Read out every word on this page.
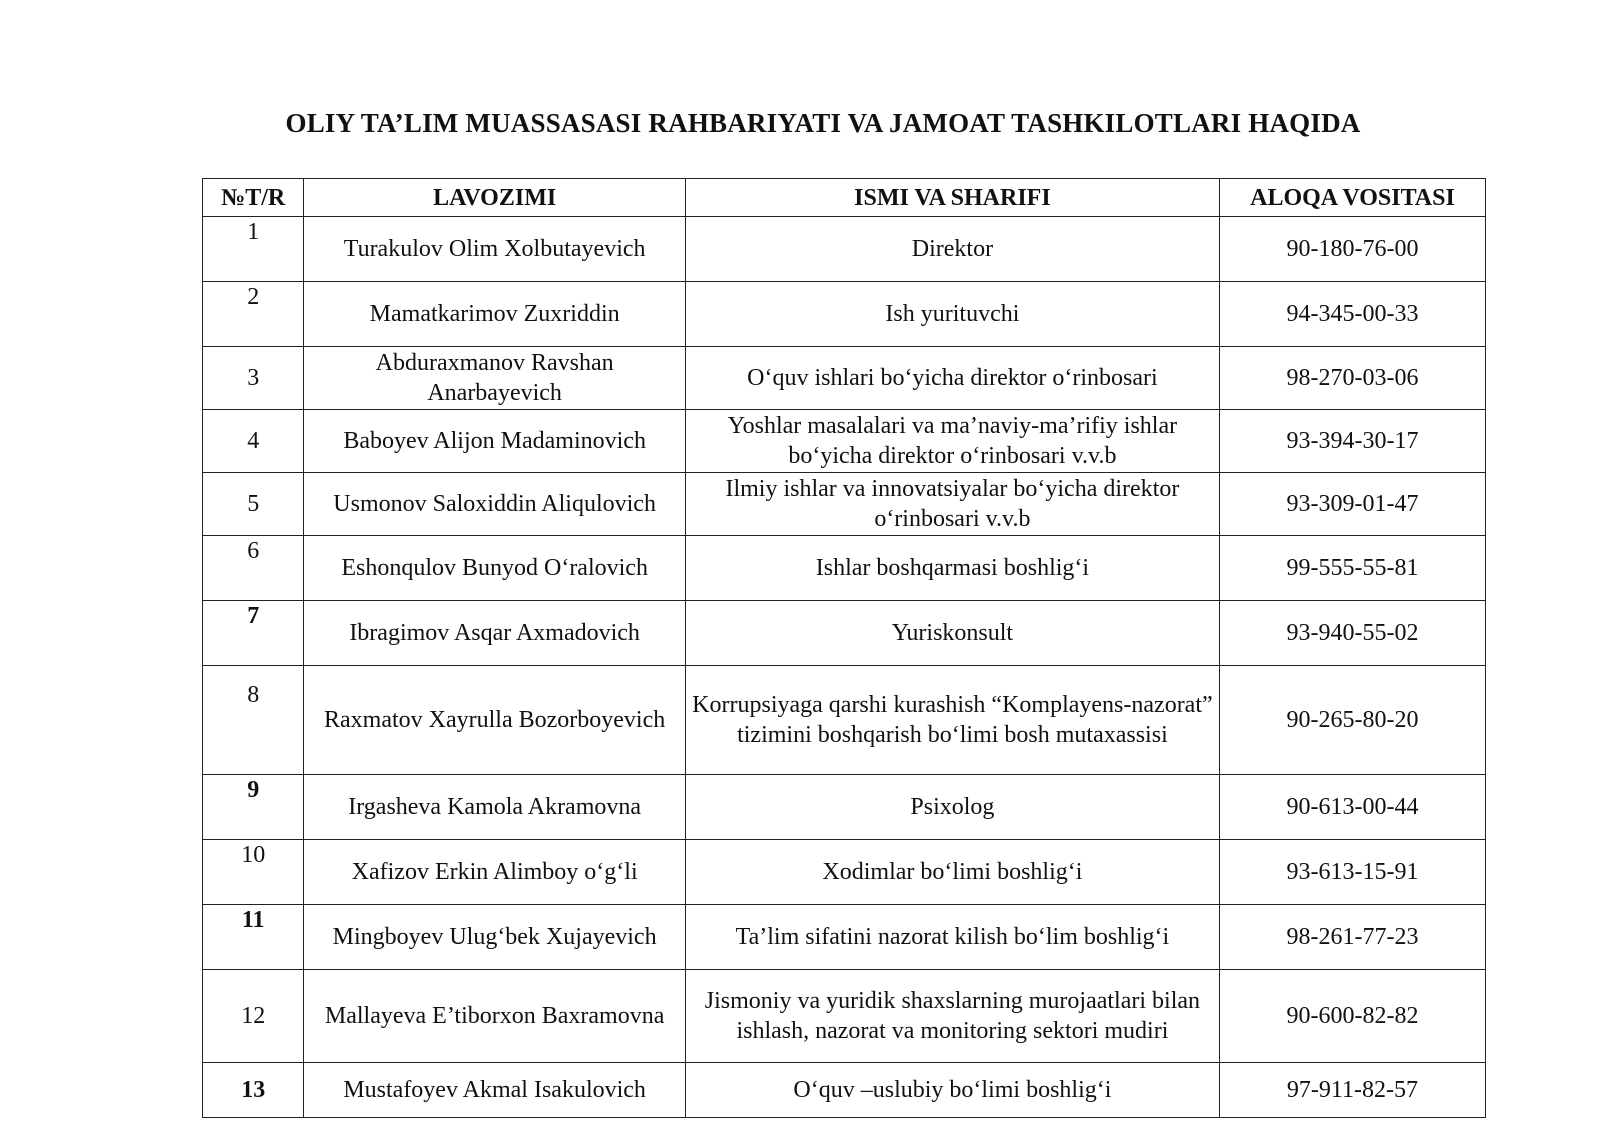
OLIY TA’LIM MUASSASASI RAHBARIYATI VA JAMOAT TASHKILOTLARI HAQIDA
№T/R	LAVOZIMI	ISMI VA SHARIFI	ALOQA VOSITASI
1	Turakulov Olim Xolbutayevich	Direktor	90-180-76-00
2	Mamatkarimov Zuxriddin	Ish yurituvchi	94-345-00-33
3	Abduraxmanov Ravshan Anarbayevich	O‘quv ishlari bo‘yicha direktor o‘rinbosari	98-270-03-06
4	Baboyev Alijon Madaminovich	Yoshlar masalalari va ma’naviy-ma’rifiy ishlar bo‘yicha direktor o‘rinbosari v.v.b	93-394-30-17
5	Usmonov Saloxiddin Aliqulovich	Ilmiy ishlar va innovatsiyalar bo‘yicha direktor o‘rinbosari v.v.b	93-309-01-47
6	Eshonqulov Bunyod O‘ralovich	Ishlar boshqarmasi boshlig‘i	99-555-55-81
7	Ibragimov Asqar Axmadovich	Yuriskonsult	93-940-55-02
8	Raxmatov Xayrulla Bozorboyevich	Korrupsiyaga qarshi kurashish “Komplayens-nazorat” tizimini boshqarish bo‘limi bosh mutaxassisi	90-265-80-20
9	Irgasheva Kamola Akramovna	Psixolog	90-613-00-44
10	Xafizov Erkin Alimboy o‘g‘li	Xodimlar bo‘limi boshlig‘i	93-613-15-91
11	Mingboyev Ulug‘bek Xujayevich	Ta’lim sifatini nazorat kilish bo‘lim boshlig‘i	98-261-77-23
12	Mallayeva E’tiborxon Baxramovna	Jismoniy va yuridik shaxslarning murojaatlari bilan ishlash, nazorat va monitoring sektori mudiri	90-600-82-82
13	Mustafoyev Akmal Isakulovich	O‘quv –uslubiy bo‘limi boshlig‘i	97-911-82-57
